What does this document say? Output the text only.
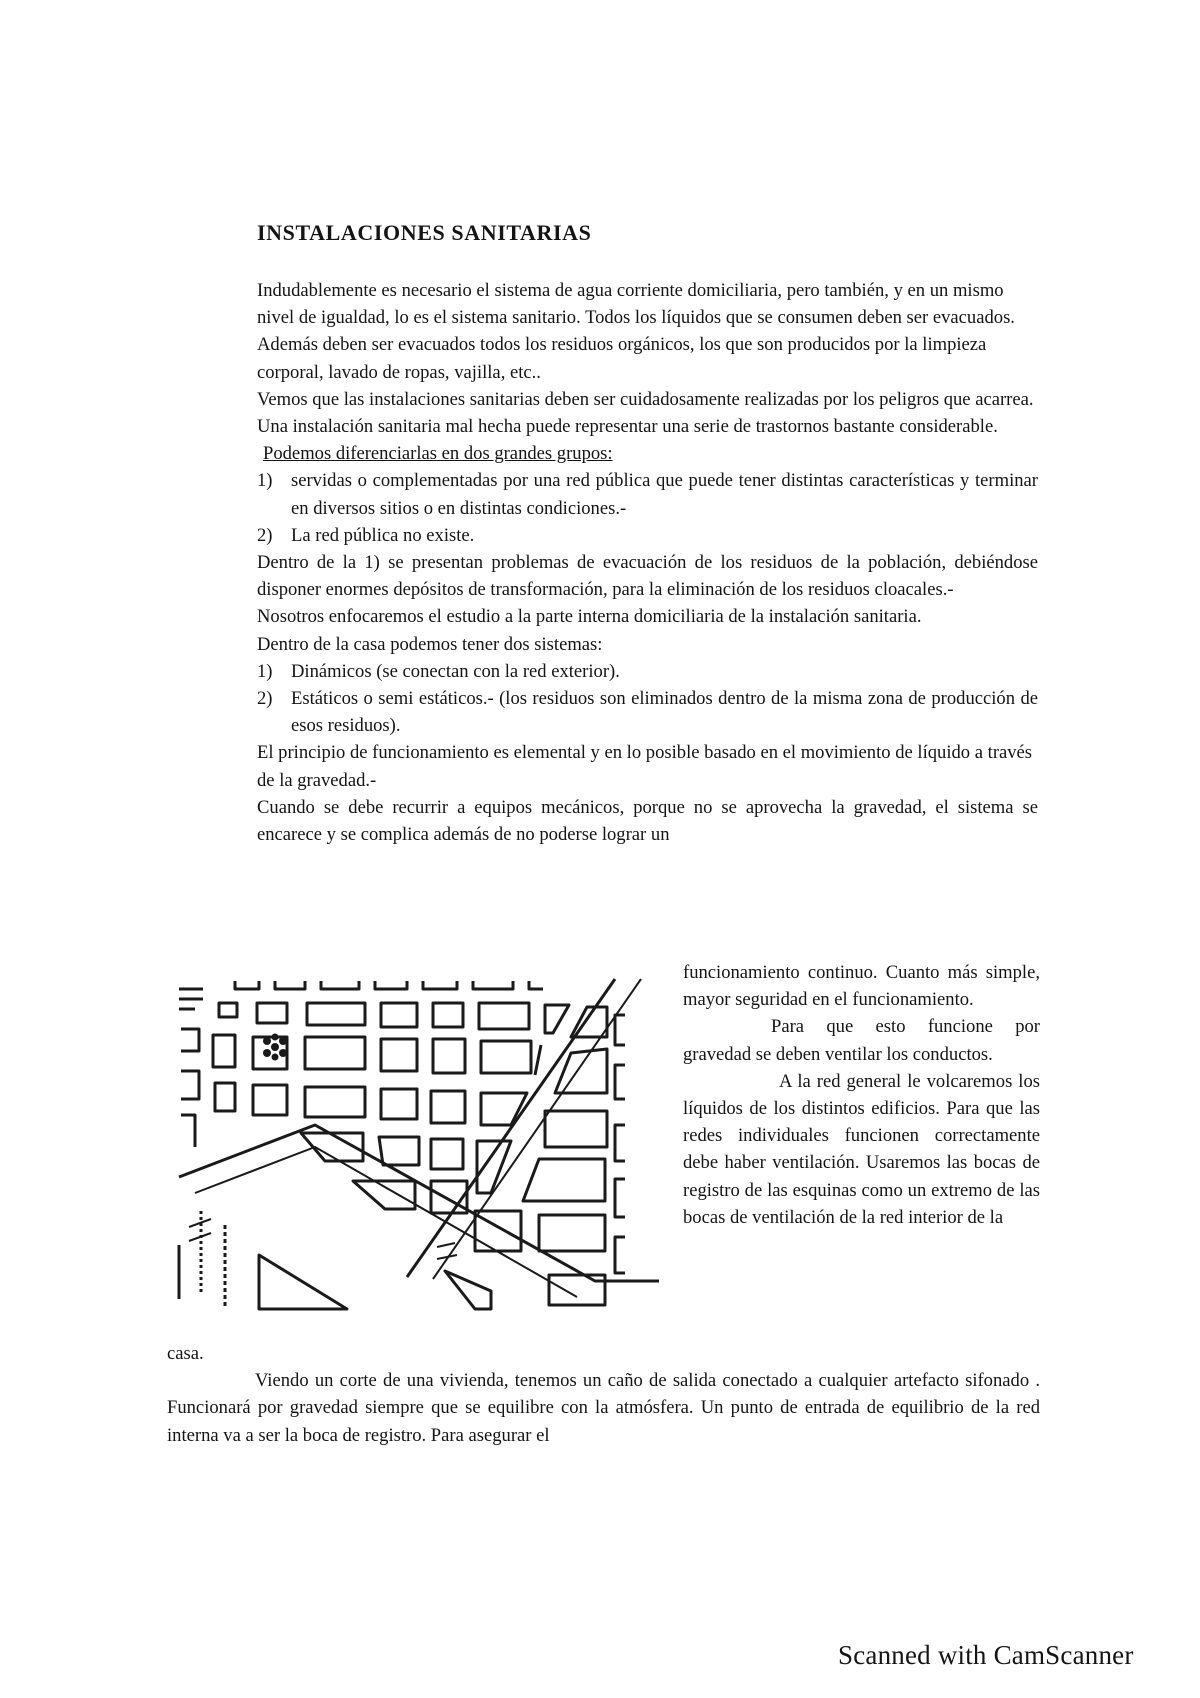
INSTALACIONES SANITARIAS

Indudablemente es necesario el sistema de agua corriente domiciliaria, pero también, y en un mismo nivel de igualdad, lo es el sistema sanitario. Todos los líquidos que se consumen deben ser evacuados. Además deben ser evacuados todos los residuos orgánicos, los que son producidos por la limpieza corporal, lavado de ropas, vajilla, etc..

Vemos que las instalaciones sanitarias deben ser cuidadosamente realizadas por los peligros que acarrea. Una instalación sanitaria mal hecha puede representar una serie de trastornos bastante considerable.

Podemos diferenciarlas en dos grandes grupos:

1) servidas o complementadas por una red pública que puede tener distintas características y terminar en diversos sitios o en distintas condiciones.-
2) La red pública no existe.

Dentro de la 1) se presentan problemas de evacuación de los residuos de la población, debiéndose disponer enormes depósitos de transformación, para la eliminación de los residuos cloacales.-

Nosotros enfocaremos el estudio a la parte interna domiciliaria de la instalación sanitaria.

Dentro de la casa podemos tener dos sistemas:

1) Dinámicos (se conectan con la red exterior).
2) Estáticos o semi estáticos.- (los residuos son eliminados dentro de la misma zona de producción de esos residuos).

El principio de funcionamiento es elemental y en lo posible basado en el movimiento de líquido a través de la gravedad.-

Cuando se debe recurrir a equipos mecánicos, porque no se aprovecha la gravedad, el sistema se encarece y se complica además de no poderse lograr un

funcionamiento continuo. Cuanto más simple, mayor seguridad en el funcionamiento.

Para que esto funcione por gravedad se deben ventilar los conductos.

A la red general le volcaremos los líquidos de los distintos edificios. Para que las redes individuales funcionen correctamente debe haber ventilación. Usaremos las bocas de registro de las esquinas como un extremo de las bocas de ventilación de la red interior de la

casa.

Viendo un corte de una vivienda, tenemos un caño de salida conectado a cualquier artefacto sifonado . Funcionará por gravedad siempre que se equilibre con la atmósfera. Un punto de entrada de equilibrio de la red interna va a ser la boca de registro. Para asegurar el

Scanned with CamScanner
